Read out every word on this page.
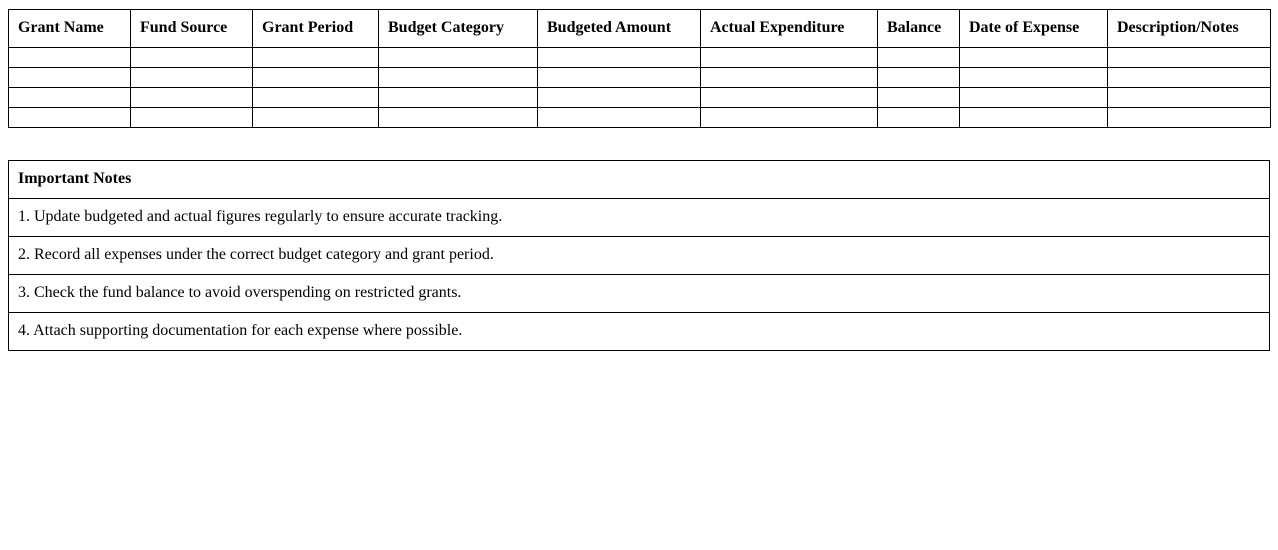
Grant Name	Fund Source	Grant Period	Budget Category	Budgeted Amount	Actual Expenditure	Balance	Date of Expense	Description/Notes

Important Notes
1. Update budgeted and actual figures regularly to ensure accurate tracking.
2. Record all expenses under the correct budget category and grant period.
3. Check the fund balance to avoid overspending on restricted grants.
4. Attach supporting documentation for each expense where possible.
